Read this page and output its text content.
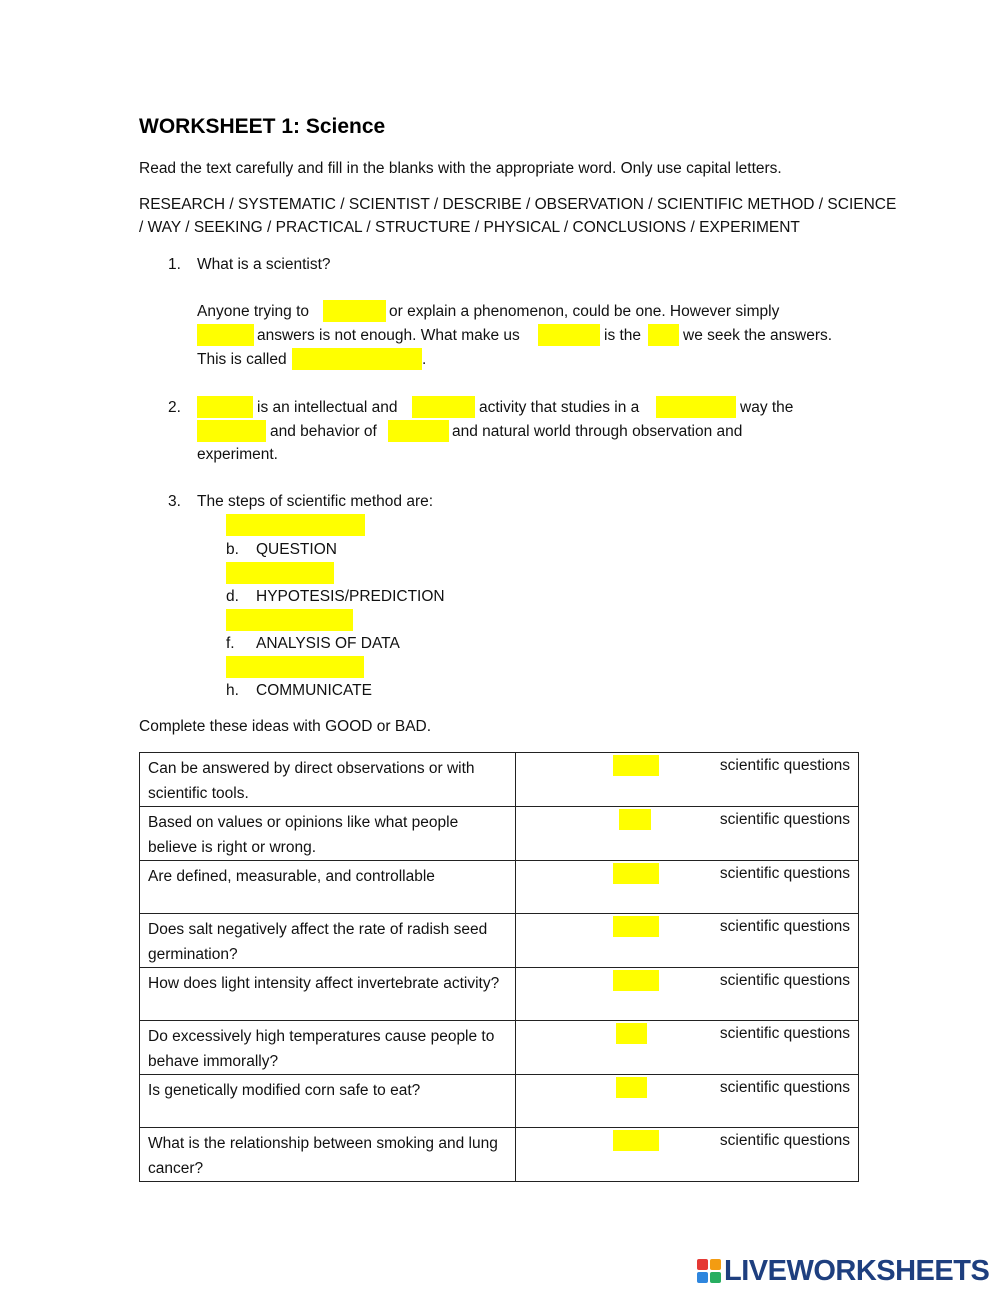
WORKSHEET 1: Science
Read the text carefully and fill in the blanks with the appropriate word. Only use capital letters.
RESEARCH / SYSTEMATIC / SCIENTIST / DESCRIBE / OBSERVATION / SCIENTIFIC METHOD / SCIENCE
/ WAY / SEEKING / PRACTICAL / STRUCTURE / PHYSICAL / CONCLUSIONS / EXPERIMENT
1. What is a scientist?
Anyone trying to	or explain a phenomenon, could be one. However simply
answers is not enough. What make us	is the	we seek the answers.
This is called	.
2.	is an intellectual and	activity that studies in a	way the
and behavior of	and natural world through observation and
experiment.
3. The steps of scientific method are:
b. QUESTION
d. HYPOTESIS/PREDICTION
f. ANALYSIS OF DATA
h. COMMUNICATE
Complete these ideas with GOOD or BAD.
Can be answered by direct observations or with scientific tools.	scientific questions

Based on values or opinions like what people believe is right or wrong.	scientific questions

Are defined, measurable, and controllable	scientific questions

Does salt negatively affect the rate of radish seed germination?	scientific questions

How does light intensity affect invertebrate activity?	scientific questions

Do excessively high temperatures cause people to behave immorally?	scientific questions

Is genetically modified corn safe to eat?	scientific questions

What is the relationship between smoking and lung cancer?	scientific questions
LIVEWORKSHEETS
